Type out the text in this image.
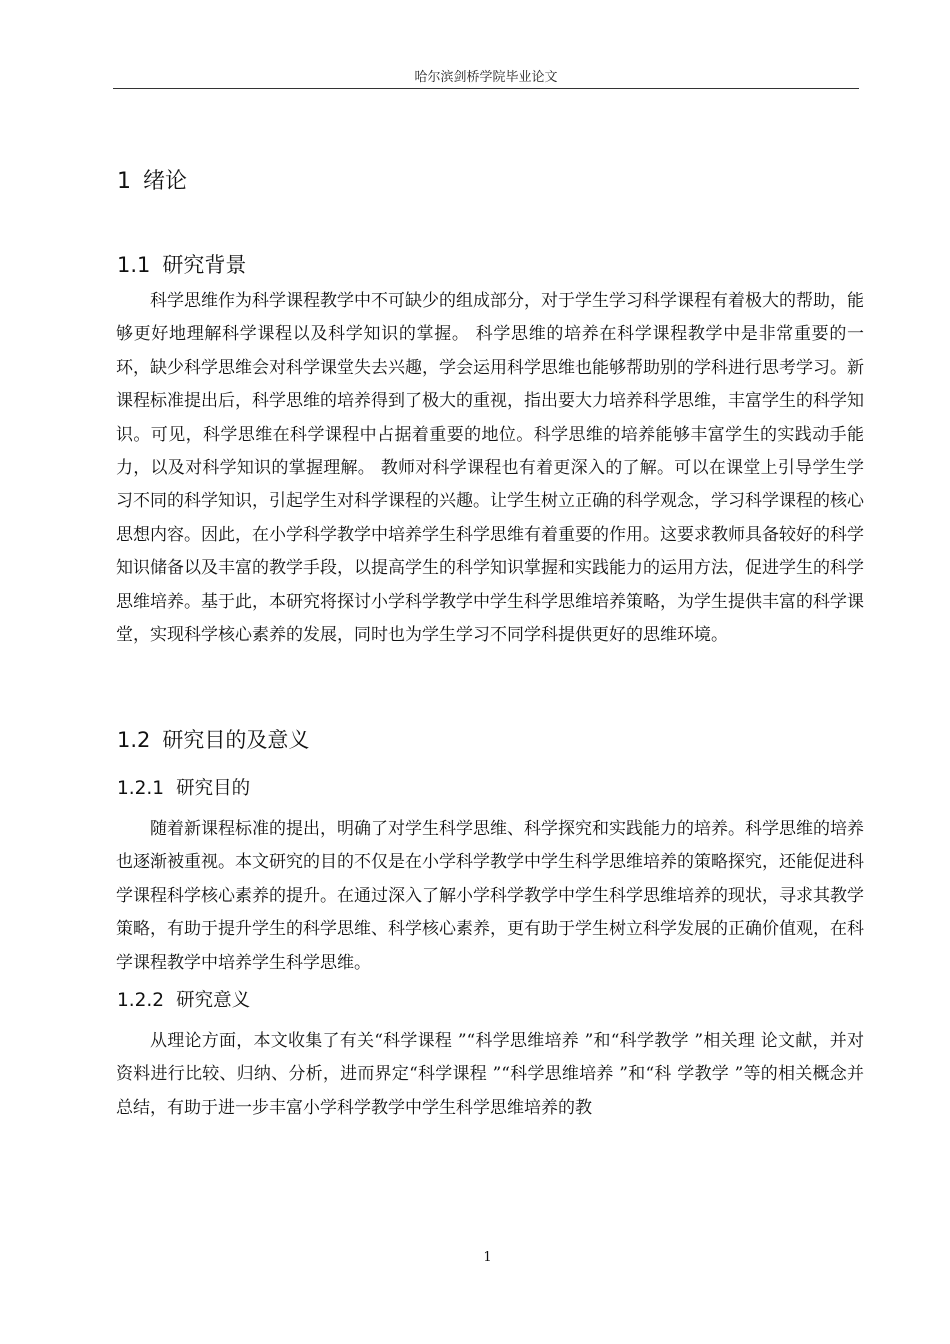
哈尔滨剑桥学院毕业论文
1 绪论
1.1 研究背景

科学思维作为科学课程教学中不可缺少的组成部分，对于学生学习科学课程有着极大的帮助，能够更好地理解科学课程以及科学知识的掌握。 科学思维的培养在科学课程教学中是非常重要的一环，缺少科学思维会对科学课堂失去兴趣，学会运用科学思维也能够帮助别的学科进行思考学习。新课程标准提出后，科学思维的培养得到了极大的重视，指出要大力培养科学思维，丰富学生的科学知识。可见，科学思维在科学课程中占据着重要的地位。科学思维的培养能够丰富学生的实践动手能力，以及对科学知识的掌握理解。 教师对科学课程也有着更深入的了解。可以在课堂上引导学生学习不同的科学知识，引起学生对科学课程的兴趣。让学生树立正确的科学观念，学习科学课程的核心思想内容。因此，在小学科学教学中培养学生科学思维有着重要的作用。这要求教师具备较好的科学知识储备以及丰富的教学手段，以提高学生的科学知识掌握和实践能力的运用方法，促进学生的科学思维培养。基于此，本研究将探讨小学科学教学中学生科学思维培养策略，为学生提供丰富的科学课堂，实现科学核心素养的发展，同时也为学生学习不同学科提供更好的思维环境。

1.2 研究目的及意义
1.2.1 研究目的

随着新课程标准的提出，明确了对学生科学思维、科学探究和实践能力的培养。科学思维的培养也逐渐被重视。本文研究的目的不仅是在小学科学教学中学生科学思维培养的策略探究，还能促进科学课程科学核心素养的提升。在通过深入了解小学科学教学中学生科学思维培养的现状，寻求其教学策略，有助于提升学生的科学思维、科学核心素养，更有助于学生树立科学发展的正确价值观，在科学课程教学中培养学生科学思维。

1.2.2 研究意义

从理论方面，本文收集了有关“科学课程 ”“科学思维培养 ”和“科学教学 ”相关理 论文献，并对资料进行比较、归纳、分析，进而界定“科学课程 ”“科学思维培养 ”和“科 学教学 ”等的相关概念并总结，有助于进一步丰富小学科学教学中学生科学思维培养的教

1
